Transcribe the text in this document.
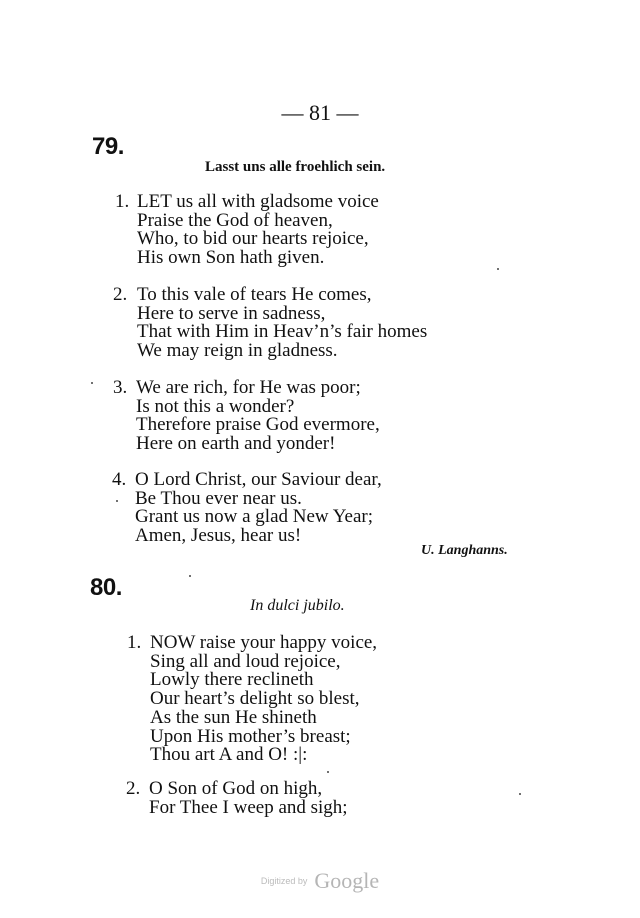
— 81 —
79.
Lasst uns alle froehlich sein.
1. LET us all with gladsome voice
Praise the God of heaven,
Who, to bid our hearts rejoice,
His own Son hath given.
2. To this vale of tears He comes,
Here to serve in sadness,
That with Him in Heav’n’s fair homes
We may reign in gladness.
3. We are rich, for He was poor;
Is not this a wonder?
Therefore praise God evermore,
Here on earth and yonder!
4. O Lord Christ, our Saviour dear,
Be Thou ever near us.
Grant us now a glad New Year;
Amen, Jesus, hear us!
U. Langhanns.
80.
In dulci jubilo.
1. NOW raise your happy voice,
Sing all and loud rejoice,
Lowly there reclineth
Our heart’s delight so blest,
As the sun He shineth
Upon His mother’s breast;
Thou art A and O! :|:
2. O Son of God on high,
For Thee I weep and sigh;
Digitized by Google
